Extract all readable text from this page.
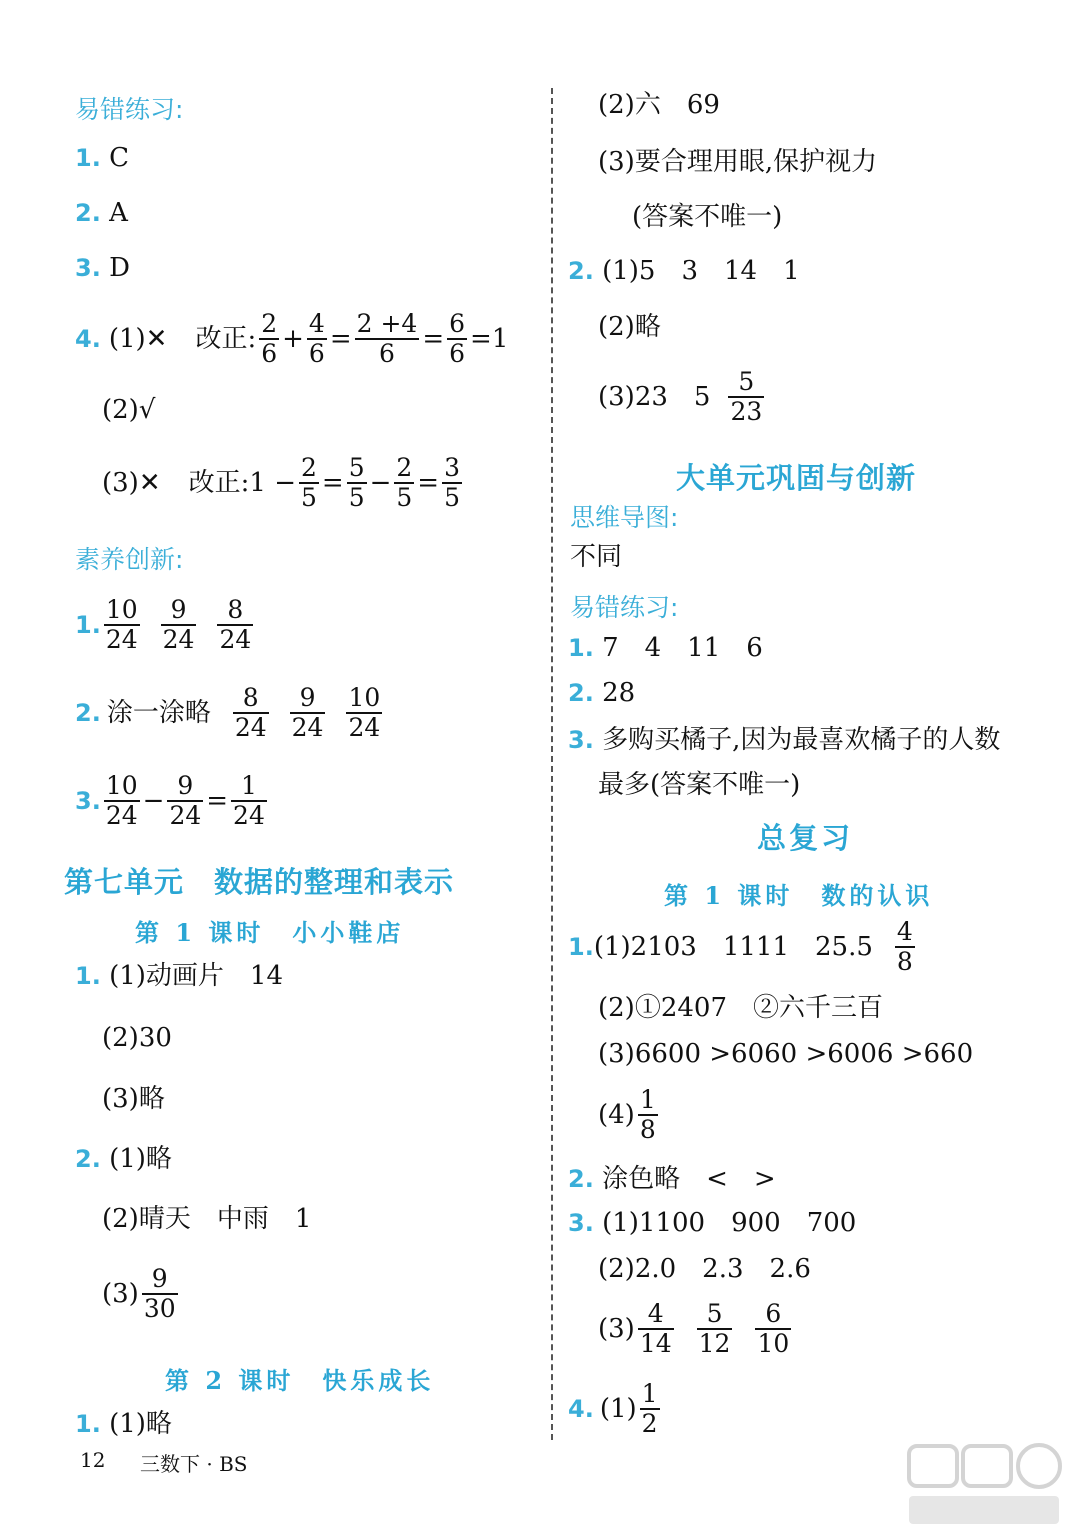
易错练习:
1. C
2. A
3. D
4. (1)✕ 改正: $\frac{2}{6} + \frac{4}{6} = \frac{2 +4}{6} = \frac{6}{6} =1$
(2)√
(3)✕ 改正:1 − $\frac{2}{5} = \frac{5}{5} - \frac{2}{5} = \frac{3}{5}$
素养创新:
1. $\frac{10}{24} \frac{9}{24} \frac{8}{24}$
2. 涂一涂略 $\frac{8}{24} \frac{9}{24} \frac{10}{24}$
3. $\frac{10}{24} - \frac{9}{24} = \frac{1}{24}$
第七单元　数据的整理和表示
第 1 课时　小小鞋店
1. (1)动画片　14
(2)30
(3)略
2. (1)略
(2)晴天　中雨　1
$(3) \frac{9}{30}$
第 2 课时　快乐成长
1. (1)略
12 三数下 · BS
(2)六　69
(3)要合理用眼,保护视力
(答案不唯一)
2. (1)5　3　14　1
(2)略
(3)23　$5 \frac{5}{23}$
大单元巩固与创新
思维导图:
不同
易错练习:
1. 7　4　11　6
2. 28
3. 多购买橘子,因为最喜欢橘子的人数
最多(答案不唯一)
总复习
第 1 课时　数的认识
1. (1)2103　1111　$25.5 \frac{4}{8}$
(2)①2407　②六千三百
(3)6600 >6060 >6006 >660
$(4) \frac{1}{8}$
2. 涂色略　<　>
3. (1)1100　900　700
(2)2.0　2.3　2.6
$(3) \frac{4}{14} \frac{5}{12} \frac{6}{10}$
4. $(1) \frac{1}{2}$
